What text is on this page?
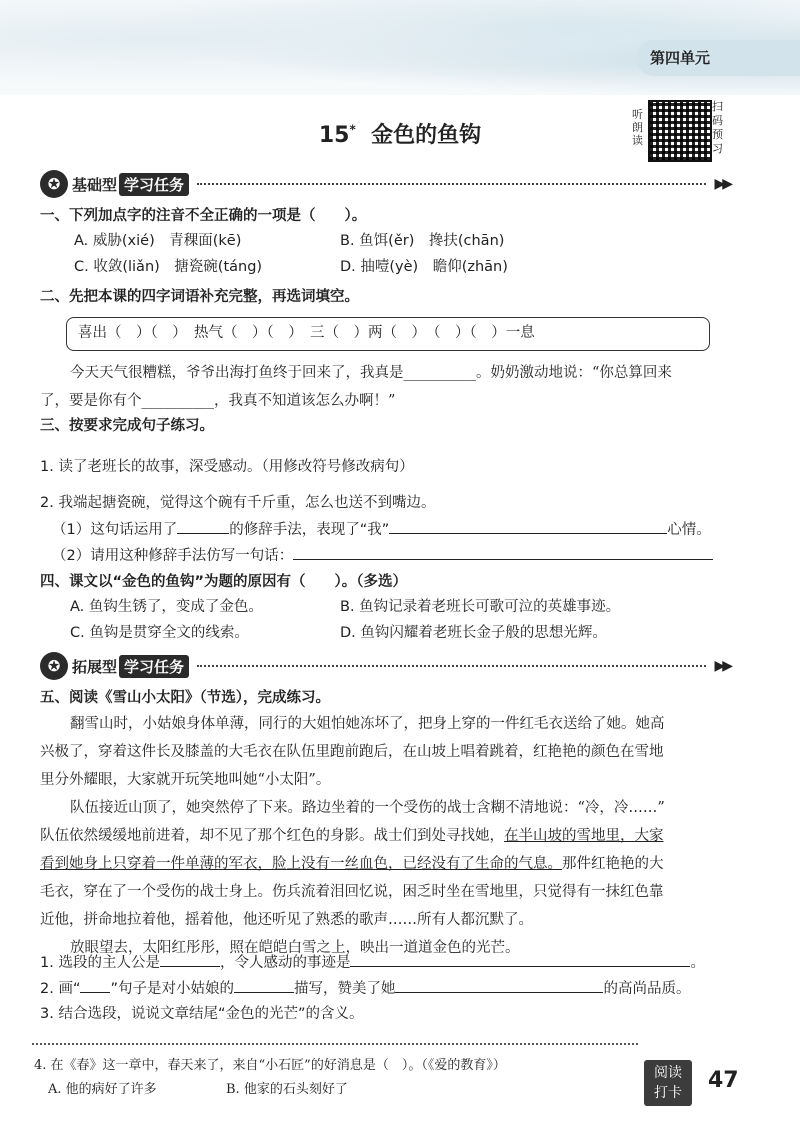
第四单元
15* 金色的鱼钩
听朗读
扫码预习
✪ 基础型 学习任务	▶▶
一、下列加点字的注音不全正确的一项是（　　）。
A. 威胁(xié)　青稞面(kē)	B. 鱼饵(ěr)　搀扶(chān)
C. 收敛(liǎn)　搪瓷碗(táng)	D. 抽噎(yè)　瞻仰(zhān)
二、先把本课的四字词语补充完整，再选词填空。
喜出（　）（　）　热气（　）（　）　三（　）两（　）　（　）（　）一息
今天天气很糟糕，爷爷出海打鱼终于回来了，我真是__________。奶奶激动地说：“你总算回来
了，要是你有个__________，我真不知道该怎么办啊！”
三、按要求完成句子练习。
1. 读了老班长的故事，深受感动。（用修改符号修改病句）
2. 我端起搪瓷碗，觉得这个碗有千斤重，怎么也送不到嘴边。
（1）这句话运用了	的修辞手法，表现了“我”	心情。
（2）请用这种修辞手法仿写一句话：
四、课文以“金色的鱼钩”为题的原因有（　　）。（多选）
A. 鱼钩生锈了，变成了金色。	B. 鱼钩记录着老班长可歌可泣的英雄事迹。
C. 鱼钩是贯穿全文的线索。	D. 鱼钩闪耀着老班长金子般的思想光辉。
✪ 拓展型 学习任务	▶▶
五、阅读《雪山小太阳》（节选），完成练习。
翻雪山时，小姑娘身体单薄，同行的大姐怕她冻坏了，把身上穿的一件红毛衣送给了她。她高
兴极了，穿着这件长及膝盖的大毛衣在队伍里跑前跑后，在山坡上唱着跳着，红艳艳的颜色在雪地
里分外耀眼，大家就开玩笑地叫她“小太阳”。
队伍接近山顶了，她突然停了下来。路边坐着的一个受伤的战士含糊不清地说：“冷，冷……”
队伍依然缓缓地前进着，却不见了那个红色的身影。战士们到处寻找她，在半山坡的雪地里，大家
看到她身上只穿着一件单薄的军衣，脸上没有一丝血色，已经没有了生命的气息。那件红艳艳的大
毛衣，穿在了一个受伤的战士身上。伤兵流着泪回忆说，困乏时坐在雪地里，只觉得有一抹红色靠
近他，拼命地拉着他，摇着他，他还听见了熟悉的歌声……所有人都沉默了。
放眼望去，太阳红彤彤，照在皑皑白雪之上，映出一道道金色的光芒。
1. 选段的主人公是	，令人感动的事迹是	。
2. 画“ ”句子是对小姑娘的	描写，赞美了她	的高尚品质。
3. 结合选段，说说文章结尾“金色的光芒”的含义。
4. 在《春》这一章中，春天来了，来自“小石匠”的好消息是（　）。（《爱的教育》）
A. 他的病好了许多	B. 他家的石头刻好了
阅读
打卡	47
